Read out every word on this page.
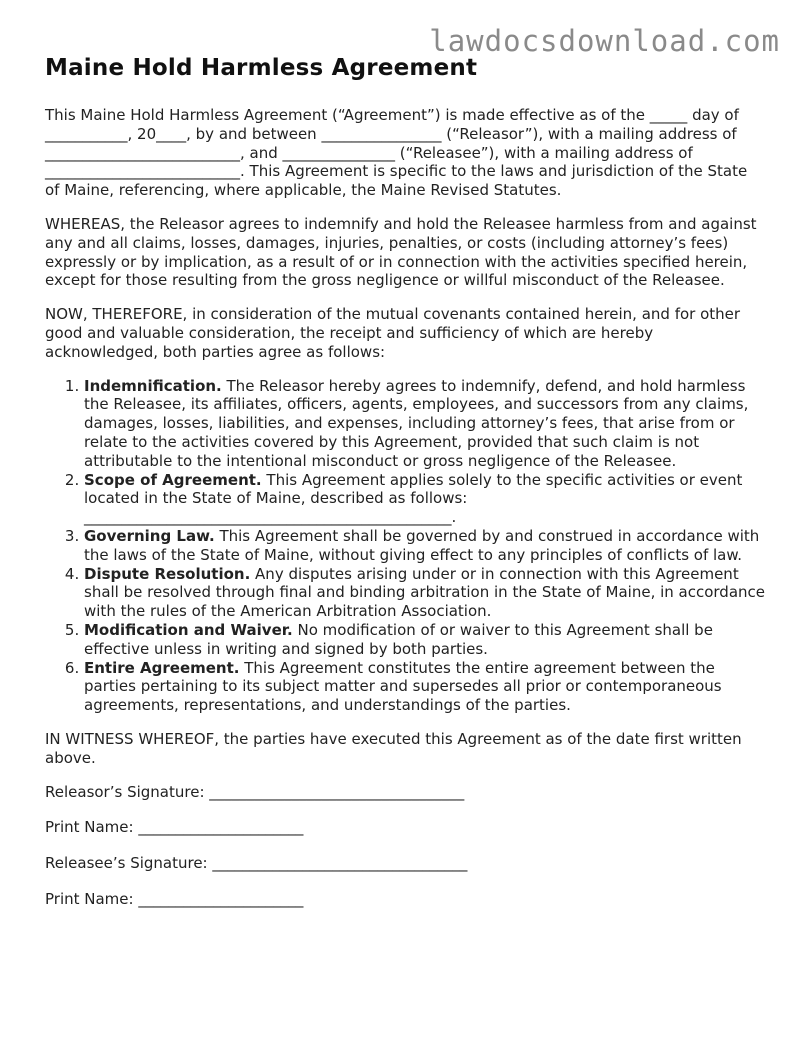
lawdocsdownload.com
Maine Hold Harmless Agreement

This Maine Hold Harmless Agreement (“Agreement”) is made effective as of the _____ day of ___________, 20____, by and between ________________ (“Releasor”), with a mailing address of __________________________, and _______________ (“Releasee”), with a mailing address of __________________________. This Agreement is specific to the laws and jurisdiction of the State of Maine, referencing, where applicable, the Maine Revised Statutes.

WHEREAS, the Releasor agrees to indemnify and hold the Releasee harmless from and against any and all claims, losses, damages, injuries, penalties, or costs (including attorney’s fees) expressly or by implication, as a result of or in connection with the activities specified herein, except for those resulting from the gross negligence or willful misconduct of the Releasee.

NOW, THEREFORE, in consideration of the mutual covenants contained herein, and for other good and valuable consideration, the receipt and sufficiency of which are hereby acknowledged, both parties agree as follows:

1. Indemnification. The Releasor hereby agrees to indemnify, defend, and hold harmless the Releasee, its affiliates, officers, agents, employees, and successors from any claims, damages, losses, liabilities, and expenses, including attorney’s fees, that arise from or relate to the activities covered by this Agreement, provided that such claim is not attributable to the intentional misconduct or gross negligence of the Releasee.
2. Scope of Agreement. This Agreement applies solely to the specific activities or event located in the State of Maine, described as follows: _________________________________________________.
3. Governing Law. This Agreement shall be governed by and construed in accordance with the laws of the State of Maine, without giving effect to any principles of conflicts of law.
4. Dispute Resolution. Any disputes arising under or in connection with this Agreement shall be resolved through final and binding arbitration in the State of Maine, in accordance with the rules of the American Arbitration Association.
5. Modification and Waiver. No modification of or waiver to this Agreement shall be effective unless in writing and signed by both parties.
6. Entire Agreement. This Agreement constitutes the entire agreement between the parties pertaining to its subject matter and supersedes all prior or contemporaneous agreements, representations, and understandings of the parties.

IN WITNESS WHEREOF, the parties have executed this Agreement as of the date first written above.

Releasor’s Signature: __________________________________

Print Name: ______________________

Releasee’s Signature: __________________________________

Print Name: ______________________
